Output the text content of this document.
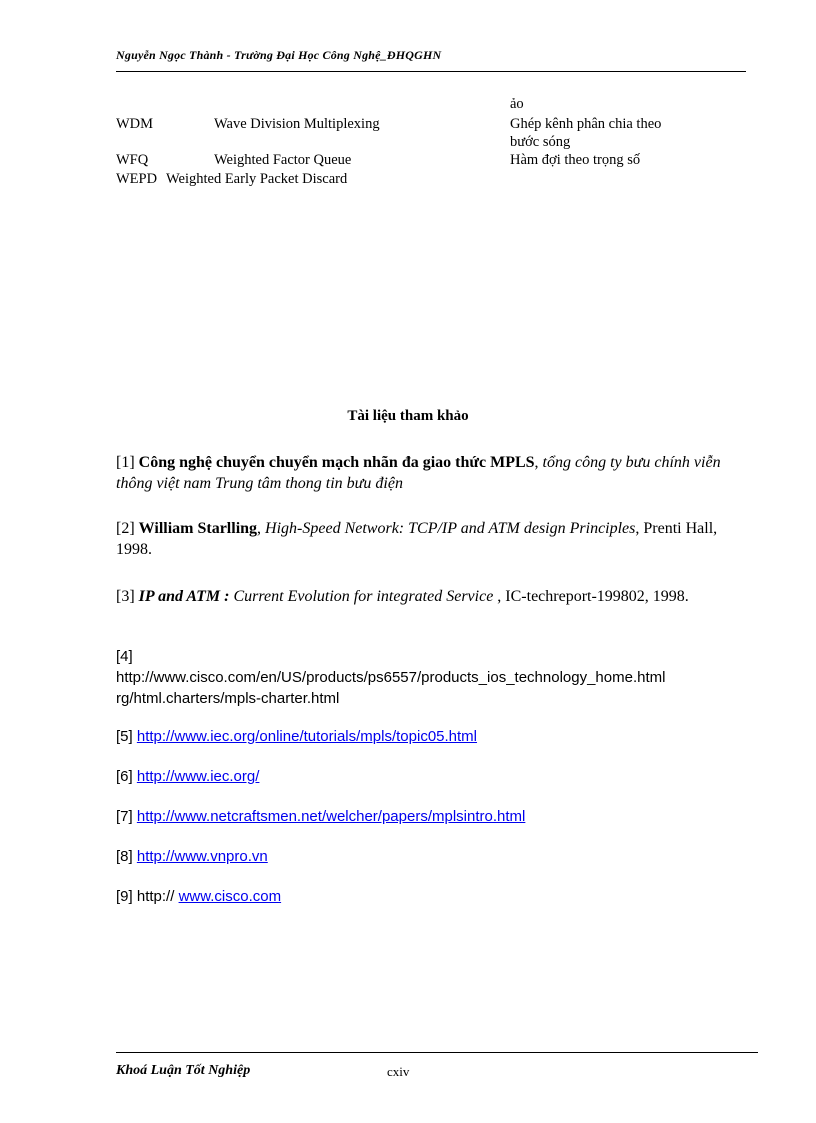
Nguyễn Ngọc Thành - Trường Đại Học Công Nghệ_ĐHQGHN
ảo
WDM	Wave Division Multiplexing	Ghép kênh phân chia theo
bước sóng
WFQ	Weighted Factor Queue	Hàm đợi theo trọng số
WEPD Weighted Early Packet Discard
Tài liệu tham khảo
[1] Công nghệ chuyển chuyển mạch nhãn đa giao thức MPLS, tổng công ty bưu chính viễn thông việt nam Trung tâm thong tin bưu điện
[2] William Starlling, High-Speed Network: TCP/IP and ATM design Principles, Prenti Hall, 1998.
[3] IP and ATM : Current Evolution for integrated Service , IC-techreport-199802, 1998.
[4]
http://www.cisco.com/en/US/products/ps6557/products_ios_technology_home.html
rg/html.charters/mpls-charter.html
[5] http://www.iec.org/online/tutorials/mpls/topic05.html
[6] http://www.iec.org/
[7] http://www.netcraftsmen.net/welcher/papers/mplsintro.html
[8] http://www.vnpro.vn
[9] http:// www.cisco.com
Khoá Luận Tốt Nghiệp	cxiv
